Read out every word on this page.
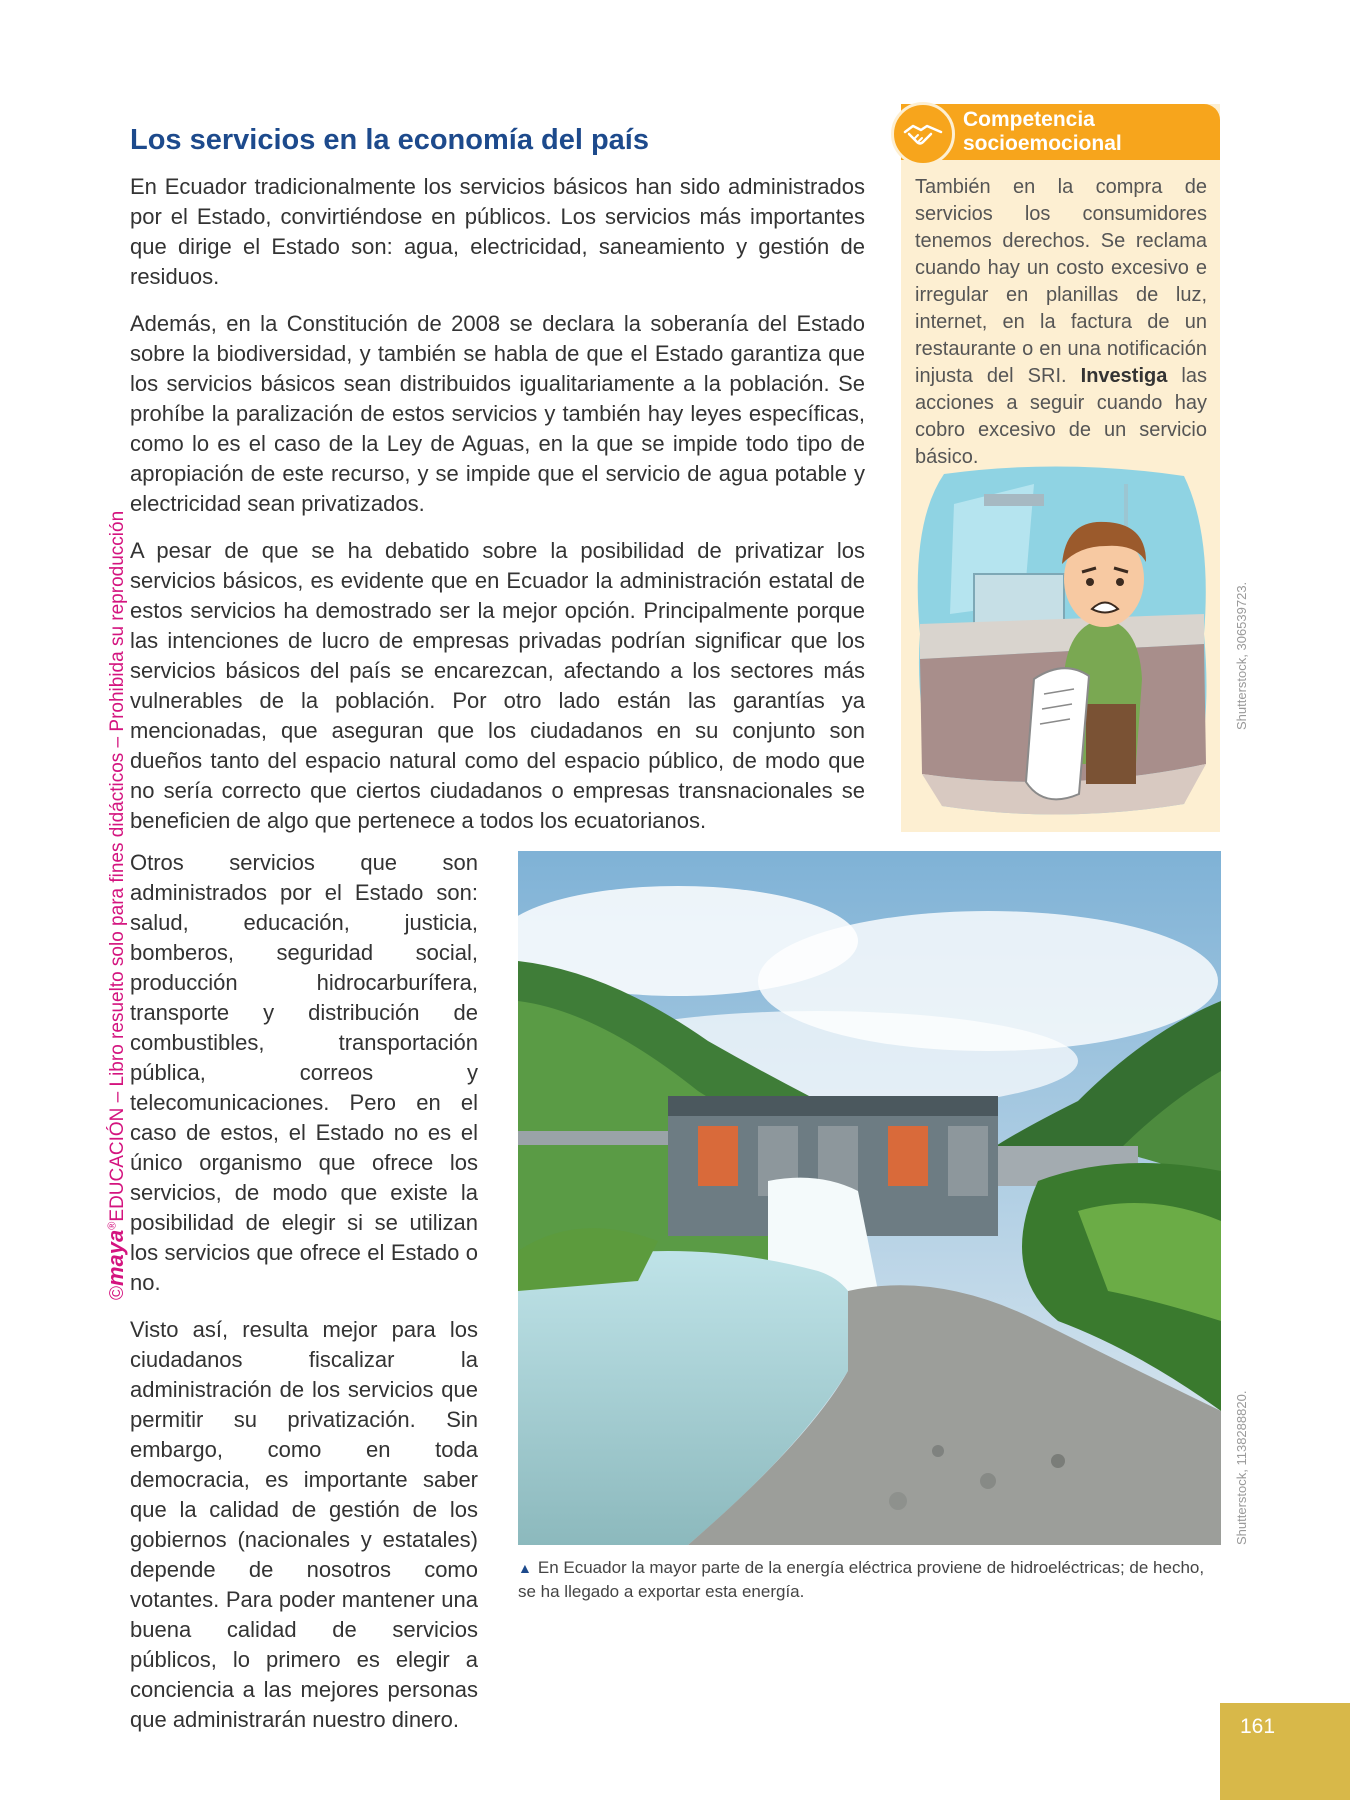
©maya®EDUCACIÓN – Libro resuelto solo para fines didácticos – Prohibida su reproducción
Los servicios en la economía del país

En Ecuador tradicionalmente los servicios básicos han sido administrados por el Estado, convirtiéndose en públicos. Los servicios más importantes que dirige el Estado son: agua, electricidad, saneamiento y gestión de residuos.

Además, en la Constitución de 2008 se declara la soberanía del Estado sobre la biodiversidad, y también se habla de que el Estado garantiza que los servicios básicos sean distribuidos igualitariamente a la población. Se prohíbe la paralización de estos servicios y también hay leyes específicas, como lo es el caso de la Ley de Aguas, en la que se impide todo tipo de apropiación de este recurso, y se impide que el servicio de agua potable y electricidad sean privatizados.

A pesar de que se ha debatido sobre la posibilidad de privatizar los servicios básicos, es evidente que en Ecuador la administración estatal de estos servicios ha demostrado ser la mejor opción. Principalmente porque las intenciones de lucro de empresas privadas podrían significar que los servicios básicos del país se encarezcan, afectando a los sectores más vulnerables de la población. Por otro lado están las garantías ya mencionadas, que aseguran que los ciudadanos en su conjunto son dueños tanto del espacio natural como del espacio público, de modo que no sería correcto que ciertos ciudadanos o empresas transnacionales se beneficien de algo que pertenece a todos los ecuatorianos.

Competencia
socioemocional
También en la compra de servicios los consumidores tenemos derechos. Se reclama cuando hay un costo excesivo e irregular en planillas de luz, internet, en la factura de un restaurante o en una notificación injusta del SRI. Investiga las acciones a seguir cuando hay cobro excesivo de un servicio básico.
Shutterstock, 306539723.

Otros servicios que son administrados por el Estado son: salud, educación, justicia, bomberos, seguridad social, producción hidrocarburífera, transporte y distribución de combustibles, transportación pública, correos y telecomunicaciones. Pero en el caso de estos, el Estado no es el único organismo que ofrece los servicios, de modo que existe la posibilidad de elegir si se utilizan los servicios que ofrece el Estado o no.

Visto así, resulta mejor para los ciudadanos fiscalizar la administración de los servicios que permitir su privatización. Sin embargo, como en toda democracia, es importante saber que la calidad de gestión de los gobiernos (nacionales y estatales) depende de nosotros como votantes. Para poder mantener una buena calidad de servicios públicos, lo primero es elegir a conciencia a las mejores personas que administrarán nuestro dinero.

Shutterstock, 1138288820.
▲ En Ecuador la mayor parte de la energía eléctrica proviene de hidroeléctricas; de hecho, se ha llegado a exportar esta energía.
161
